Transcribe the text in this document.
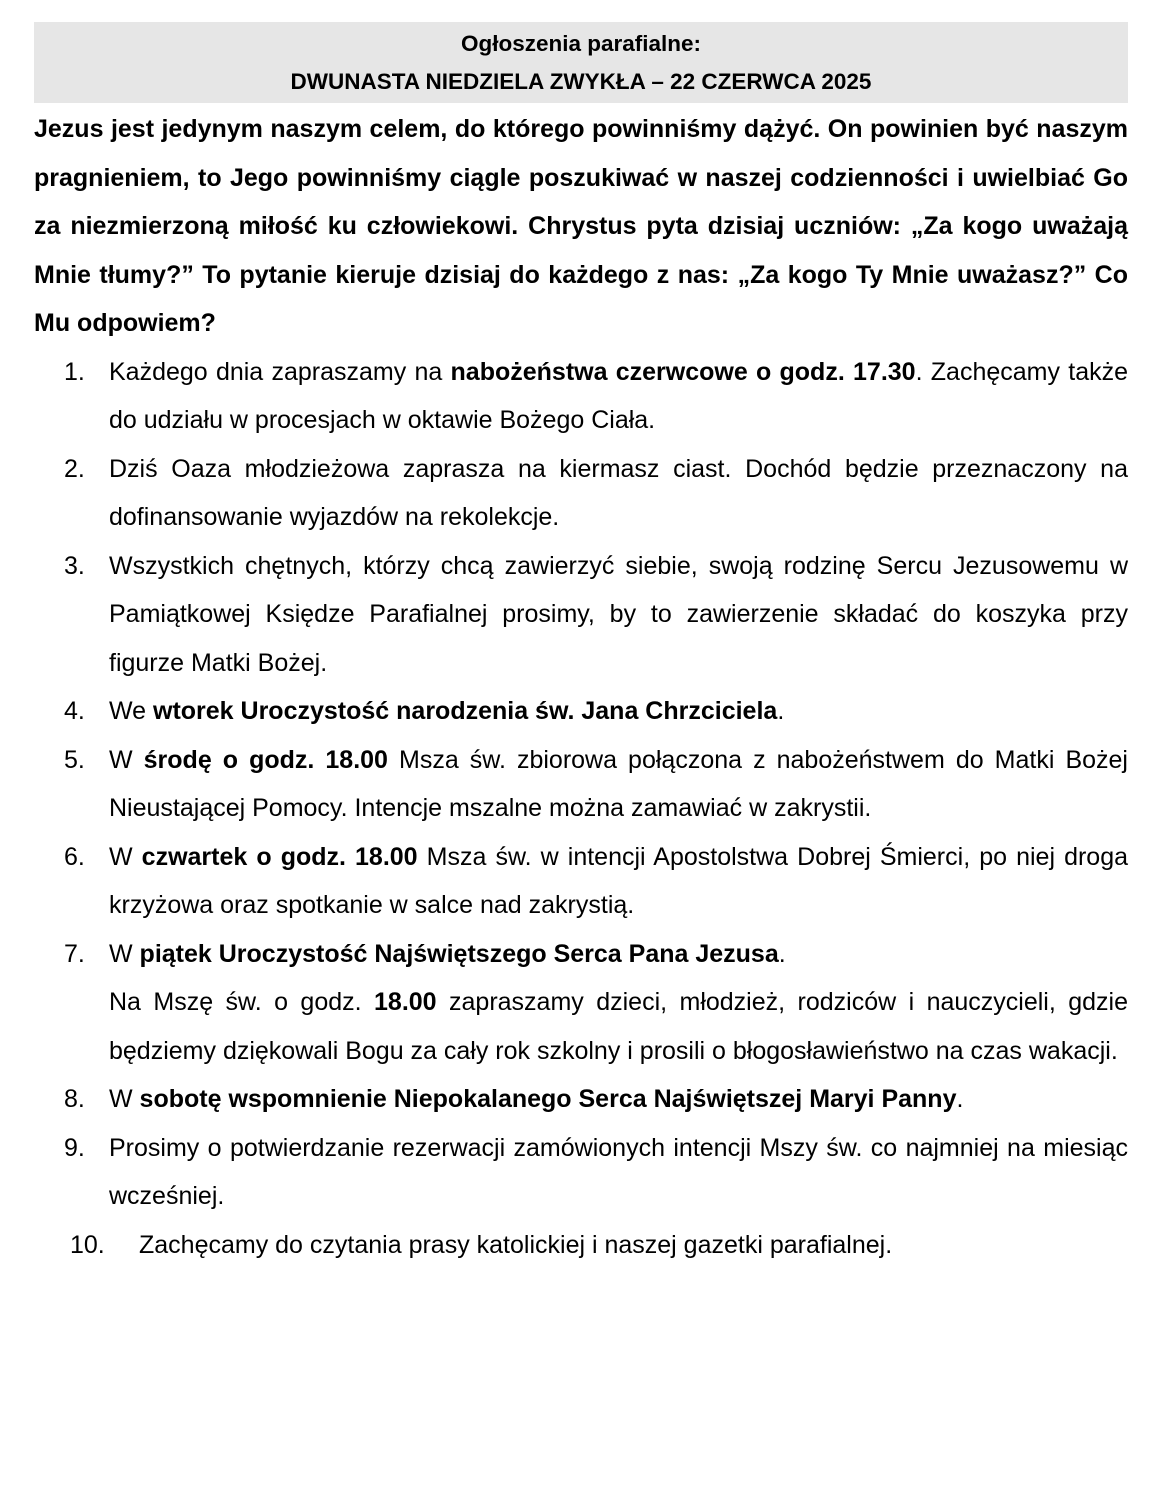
Ogłoszenia parafialne:
DWUNASTA NIEDZIELA ZWYKŁA – 22 CZERWCA 2025

Jezus jest jedynym naszym celem, do którego powinniśmy dążyć. On powinien być naszym pragnieniem, to Jego powinniśmy ciągle poszukiwać w naszej codzienności i uwielbiać Go za niezmierzoną miłość ku człowiekowi. Chrystus pyta dzisiaj uczniów: „Za kogo uważają Mnie tłumy?” To pytanie kieruje dzisiaj do każdego z nas: „Za kogo Ty Mnie uważasz?” Co Mu odpowiem?

1. Każdego dnia zapraszamy na nabożeństwa czerwcowe o godz. 17.30. Zachęcamy także do udziału w procesjach w oktawie Bożego Ciała.
2. Dziś Oaza młodzieżowa zaprasza na kiermasz ciast. Dochód będzie przeznaczony na dofinansowanie wyjazdów na rekolekcje.
3. Wszystkich chętnych, którzy chcą zawierzyć siebie, swoją rodzinę Sercu Jezusowemu w Pamiątkowej Księdze Parafialnej prosimy, by to zawierzenie składać do koszyka przy figurze Matki Bożej.
4. We wtorek Uroczystość narodzenia św. Jana Chrzciciela.
5. W środę o godz. 18.00 Msza św. zbiorowa połączona z nabożeństwem do Matki Bożej Nieustającej Pomocy. Intencje mszalne można zamawiać w zakrystii.
6. W czwartek o godz. 18.00 Msza św. w intencji Apostolstwa Dobrej Śmierci, po niej droga krzyżowa oraz spotkanie w salce nad zakrystią.
7. W piątek Uroczystość Najświętszego Serca Pana Jezusa.
Na Mszę św. o godz. 18.00 zapraszamy dzieci, młodzież, rodziców i nauczycieli, gdzie będziemy dziękowali Bogu za cały rok szkolny i prosili o błogosławieństwo na czas wakacji.
8. W sobotę wspomnienie Niepokalanego Serca Najświętszej Maryi Panny.
9. Prosimy o potwierdzanie rezerwacji zamówionych intencji Mszy św. co najmniej na miesiąc wcześniej.
10. Zachęcamy do czytania prasy katolickiej i naszej gazetki parafialnej.
